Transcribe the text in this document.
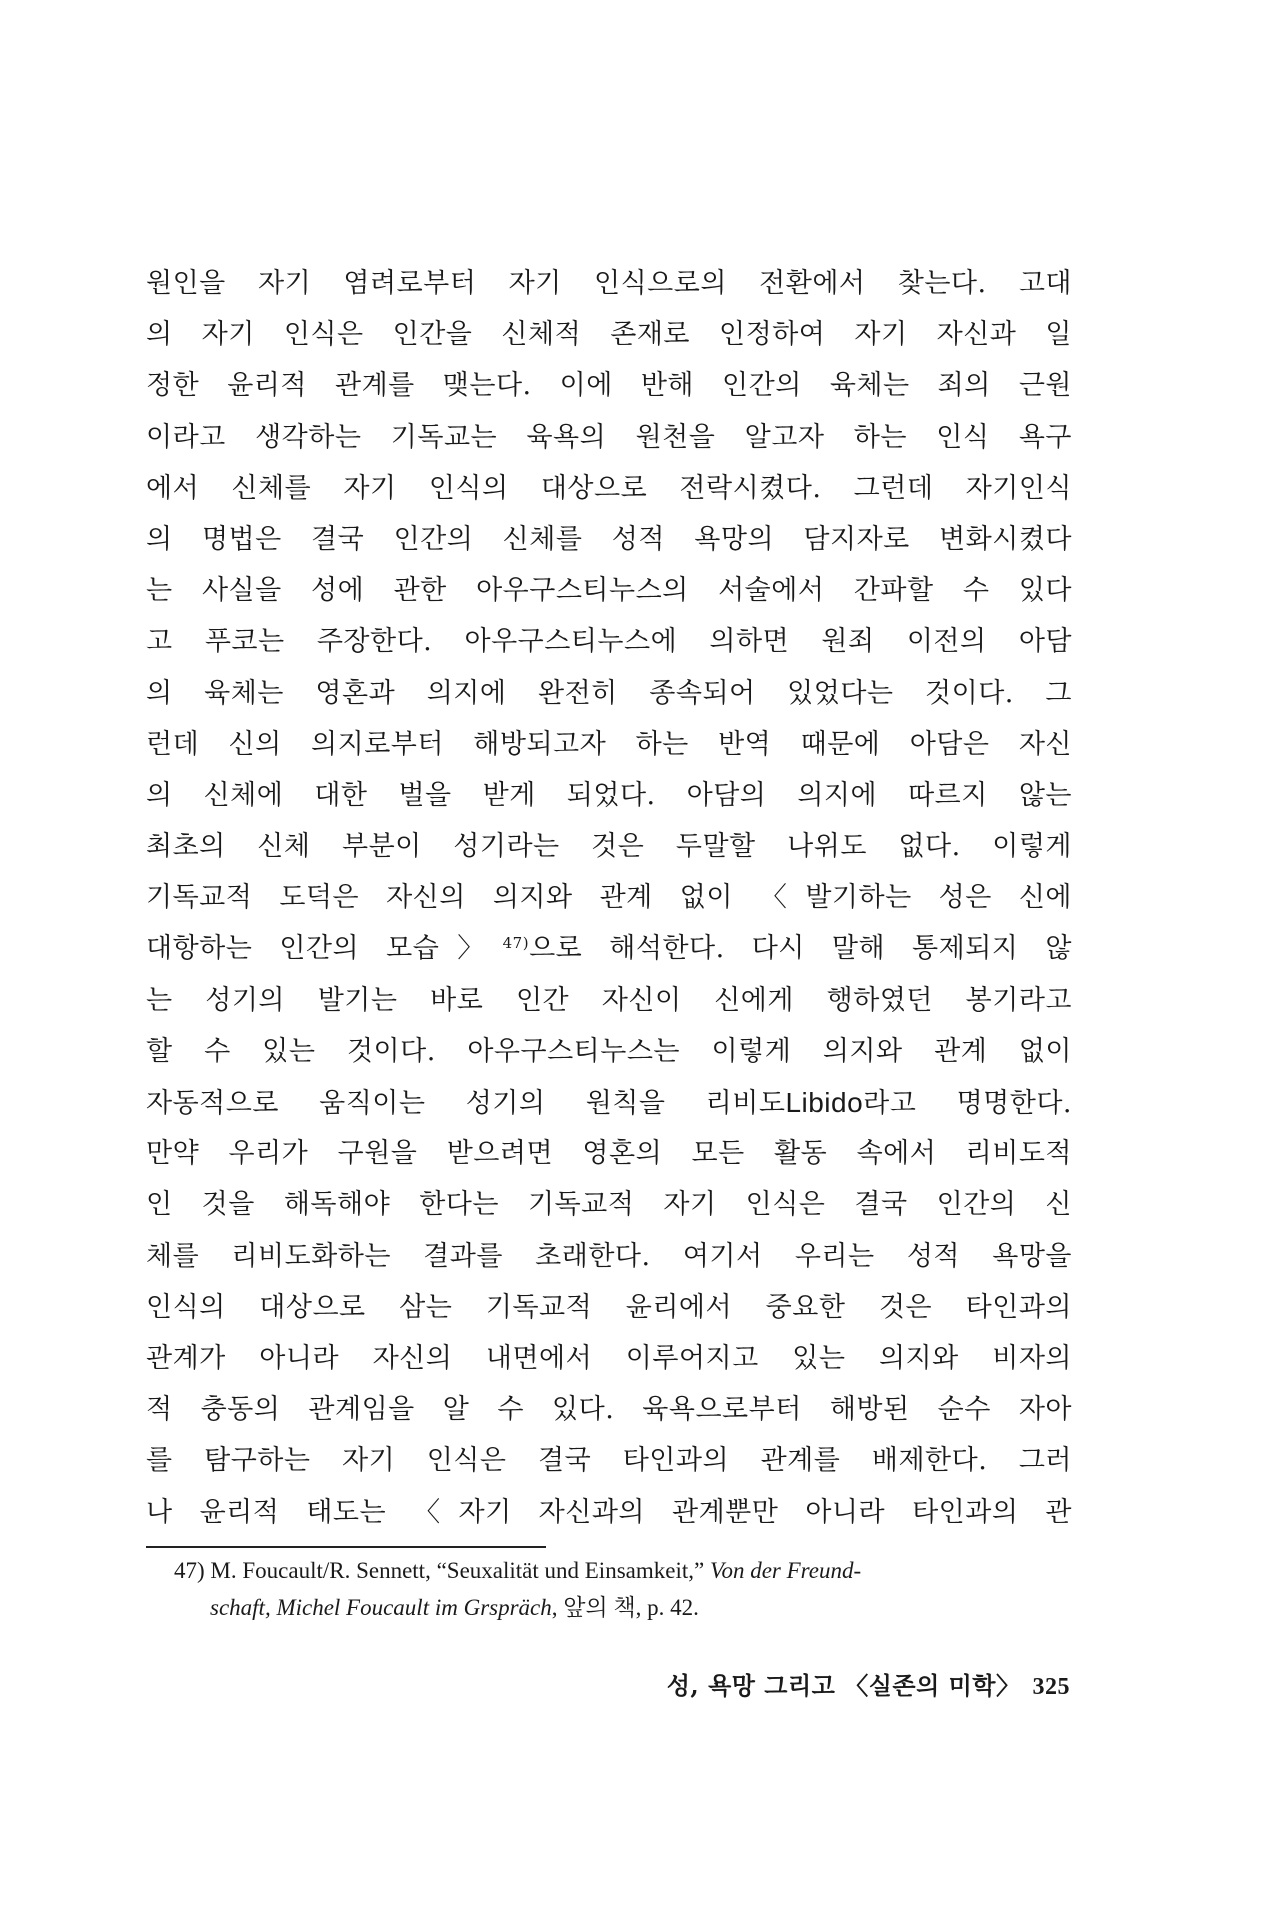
원인을 자기 염려로부터 자기 인식으로의 전환에서 찾는다. 고대
의 자기 인식은 인간을 신체적 존재로 인정하여 자기 자신과 일
정한 윤리적 관계를 맺는다. 이에 반해 인간의 육체는 죄의 근원
이라고 생각하는 기독교는 육욕의 원천을 알고자 하는 인식 욕구
에서 신체를 자기 인식의 대상으로 전락시켰다. 그런데 자기인식
의 명법은 결국 인간의 신체를 성적 욕망의 담지자로 변화시켰다
는 사실을 성에 관한 아우구스티누스의 서술에서 간파할 수 있다
고 푸코는 주장한다. 아우구스티누스에 의하면 원죄 이전의 아담
의 육체는 영혼과 의지에 완전히 종속되어 있었다는 것이다. 그
런데 신의 의지로부터 해방되고자 하는 반역 때문에 아담은 자신
의 신체에 대한 벌을 받게 되었다. 아담의 의지에 따르지 않는
최초의 신체 부분이 성기라는 것은 두말할 나위도 없다. 이렇게
기독교적 도덕은 자신의 의지와 관계 없이 〈발기하는 성은 신에
대항하는 인간의 모습〉$^{47)}$으로 해석한다. 다시 말해 통제되지 않
는 성기의 발기는 바로 인간 자신이 신에게 행하였던 봉기라고
할 수 있는 것이다. 아우구스티누스는 이렇게 의지와 관계 없이
자동적으로 움직이는 성기의 원칙을 리비도Libido라고 명명한다.
만약 우리가 구원을 받으려면 영혼의 모든 활동 속에서 리비도적
인 것을 해독해야 한다는 기독교적 자기 인식은 결국 인간의 신
체를 리비도화하는 결과를 초래한다. 여기서 우리는 성적 욕망을
인식의 대상으로 삼는 기독교적 윤리에서 중요한 것은 타인과의
관계가 아니라 자신의 내면에서 이루어지고 있는 의지와 비자의
적 충동의 관계임을 알 수 있다. 육욕으로부터 해방된 순수 자아
를 탐구하는 자기 인식은 결국 타인과의 관계를 배제한다. 그러
나 윤리적 태도는 〈자기 자신과의 관계뿐만 아니라 타인과의 관
47) M. Foucault/R. Sennett, “Seuxalität und Einsamkeit,” Von der Freund-
schaft, Michel Foucault im Grspräch, 앞의 책, p. 42.
성, 욕망 그리고 〈실존의 미학〉 325
